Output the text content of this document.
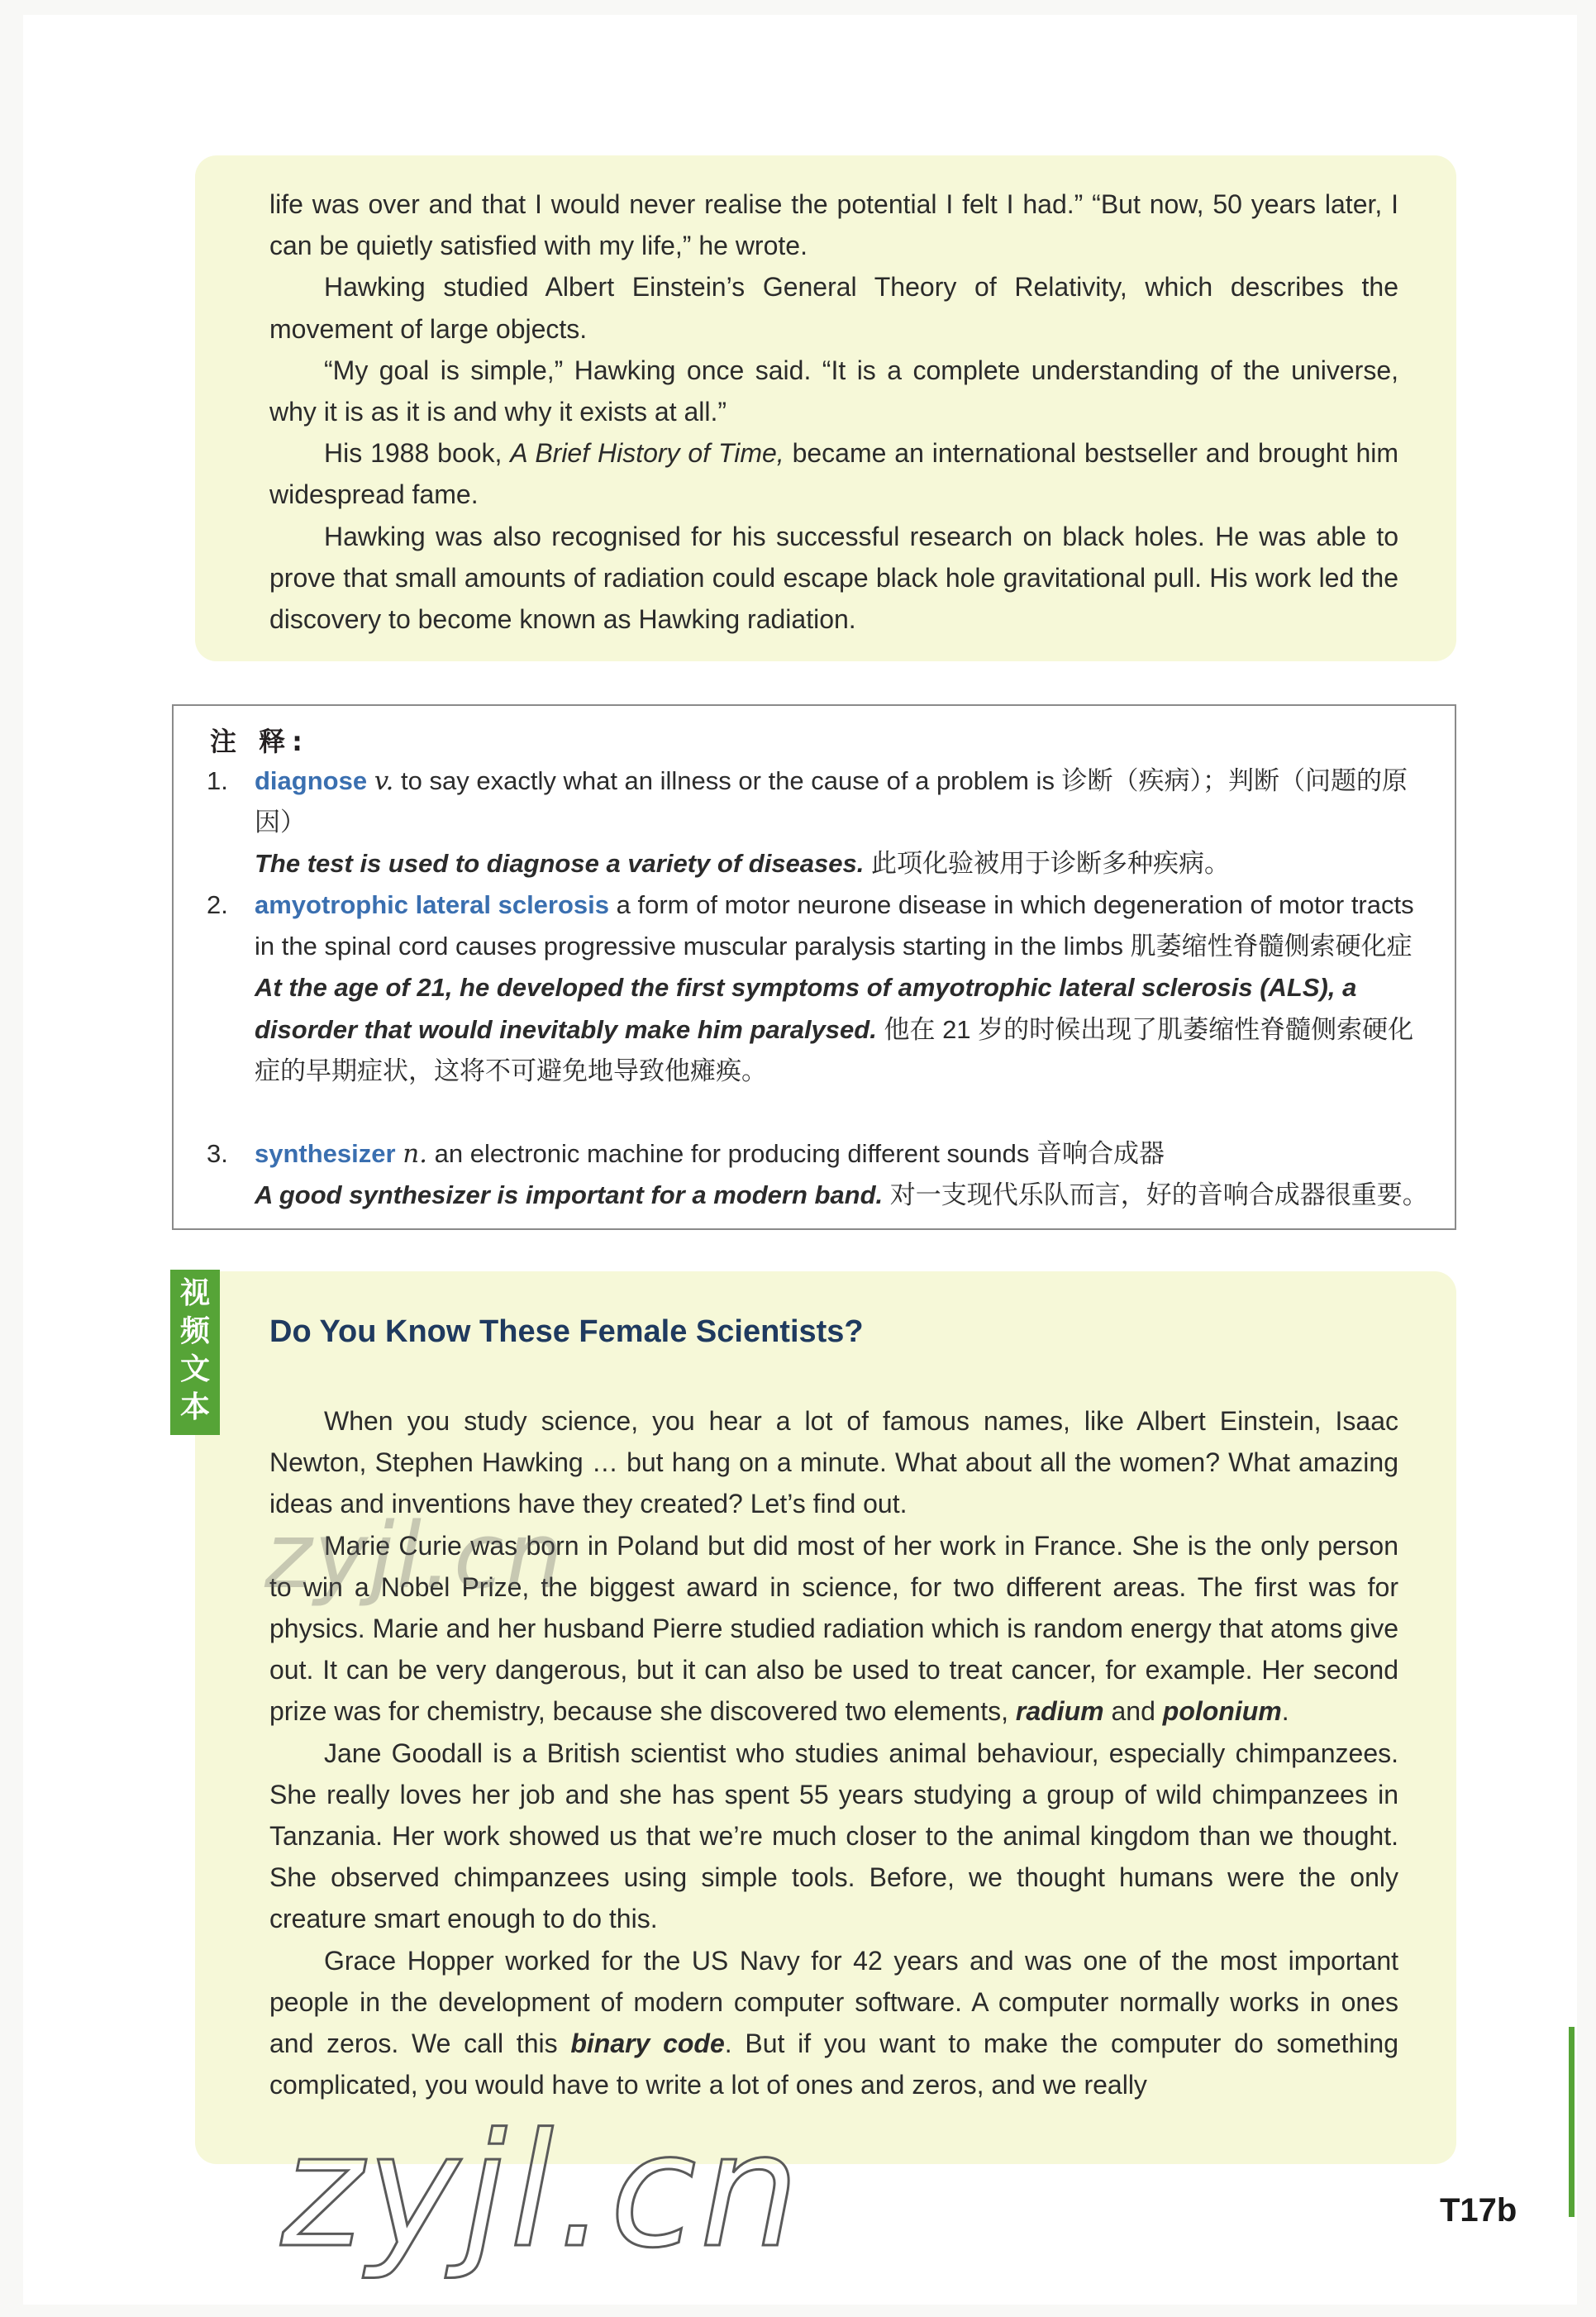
life was over and that I would never realise the potential I felt I had.” “But now, 50 years later, I can be quietly satisfied with my life,” he wrote.

Hawking studied Albert Einstein’s General Theory of Relativity, which describes the movement of large objects.

“My goal is simple,” Hawking once said. “It is a complete understanding of the universe, why it is as it is and why it exists at all.”

His 1988 book, A Brief History of Time, became an international bestseller and brought him widespread fame.

Hawking was also recognised for his successful research on black holes. He was able to prove that small amounts of radiation could escape black hole gravitational pull. His work led the discovery to become known as Hawking radiation.

注 释:
1. diagnose v. to say exactly what an illness or the cause of a problem is 诊断（疾病）；判断（问题的原因）
The test is used to diagnose a variety of diseases. 此项化验被用于诊断多种疾病。
2. amyotrophic lateral sclerosis a form of motor neurone disease in which degeneration of motor tracts in the spinal cord causes progressive muscular paralysis starting in the limbs 肌萎缩性脊髓侧索硬化症
At the age of 21, he developed the first symptoms of amyotrophic lateral sclerosis (ALS), a disorder that would inevitably make him paralysed. 他在 21 岁的时候出现了肌萎缩性脊髓侧索硬化症的早期症状，这将不可避免地导致他瘫痪。
3. synthesizer n. an electronic machine for producing different sounds 音响合成器
A good synthesizer is important for a modern band. 对一支现代乐队而言，好的音响合成器很重要。
Do You Know These Female Scientists?

When you study science, you hear a lot of famous names, like Albert Einstein, Isaac Newton, Stephen Hawking … but hang on a minute. What about all the women? What amazing ideas and inventions have they created? Let’s find out.

Marie Curie was born in Poland but did most of her work in France. She is the only person to win a Nobel Prize, the biggest award in science, for two different areas. The first was for physics. Marie and her husband Pierre studied radiation which is random energy that atoms give out. It can be very dangerous, but it can also be used to treat cancer, for example. Her second prize was for chemistry, because she discovered two elements, radium and polonium.

Jane Goodall is a British scientist who studies animal behaviour, especially chimpanzees. She really loves her job and she has spent 55 years studying a group of wild chimpanzees in Tanzania. Her work showed us that we’re much closer to the animal kingdom than we thought. She observed chimpanzees using simple tools. Before, we thought humans were the only creature smart enough to do this.

Grace Hopper worked for the US Navy for 42 years and was one of the most important people in the development of modern computer software. A computer normally works in ones and zeros. We call this binary code. But if you want to make the computer do something complicated, you would have to write a lot of ones and zeros, and we really

视
频
文
本
zyjl.cn
zyjl.cn	T17b
